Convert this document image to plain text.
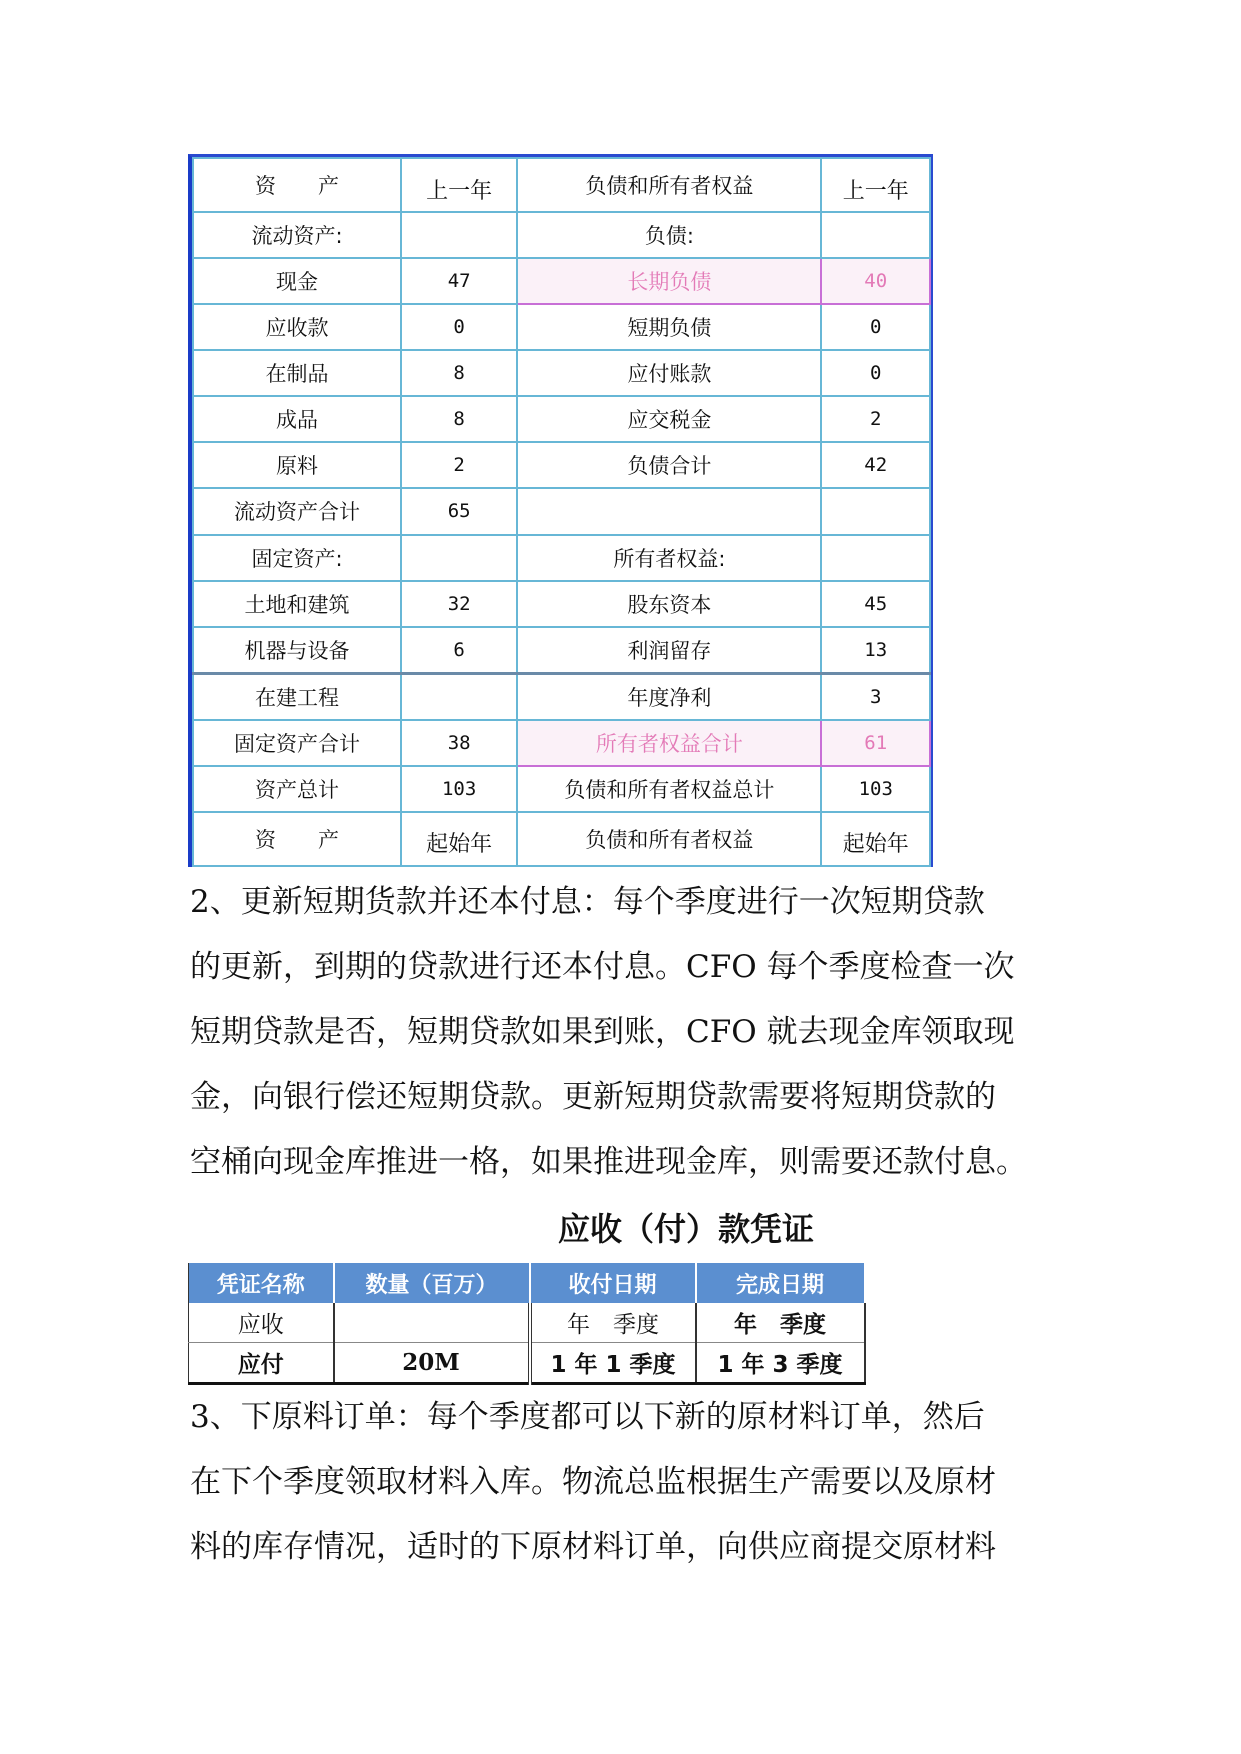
资　　产	上一年	负债和所有者权益	上一年
流动资产:		负债:	
现金	47	长期负债	40
应收款	0	短期负债	0
在制品	8	应付账款	0
成品	8	应交税金	2
原料	2	负债合计	42
流动资产合计	65		
固定资产:		所有者权益:	
土地和建筑	32	股东资本	45
机器与设备	6	利润留存	13
在建工程		年度净利	3
固定资产合计	38	所有者权益合计	61
资产总计	103	负债和所有者权益总计	103
资　　产	起始年	负债和所有者权益	起始年

2、更新短期货款并还本付息：每个季度进行一次短期贷款
的更新，到期的贷款进行还本付息。CFO 每个季度检查一次
短期贷款是否，短期贷款如果到账，CFO 就去现金库领取现
金，向银行偿还短期贷款。更新短期贷款需要将短期贷款的
空桶向现金库推进一格，如果推进现金库，则需要还款付息。

应收（付）款凭证
凭证名称	数量（百万）	收付日期	完成日期
应收		年　季度	年　季度
应付	20M	1 年 1 季度	1 年 3 季度

3、下原料订单：每个季度都可以下新的原材料订单，然后
在下个季度领取材料入库。物流总监根据生产需要以及原材
料的库存情况，适时的下原材料订单，向供应商提交原材料
